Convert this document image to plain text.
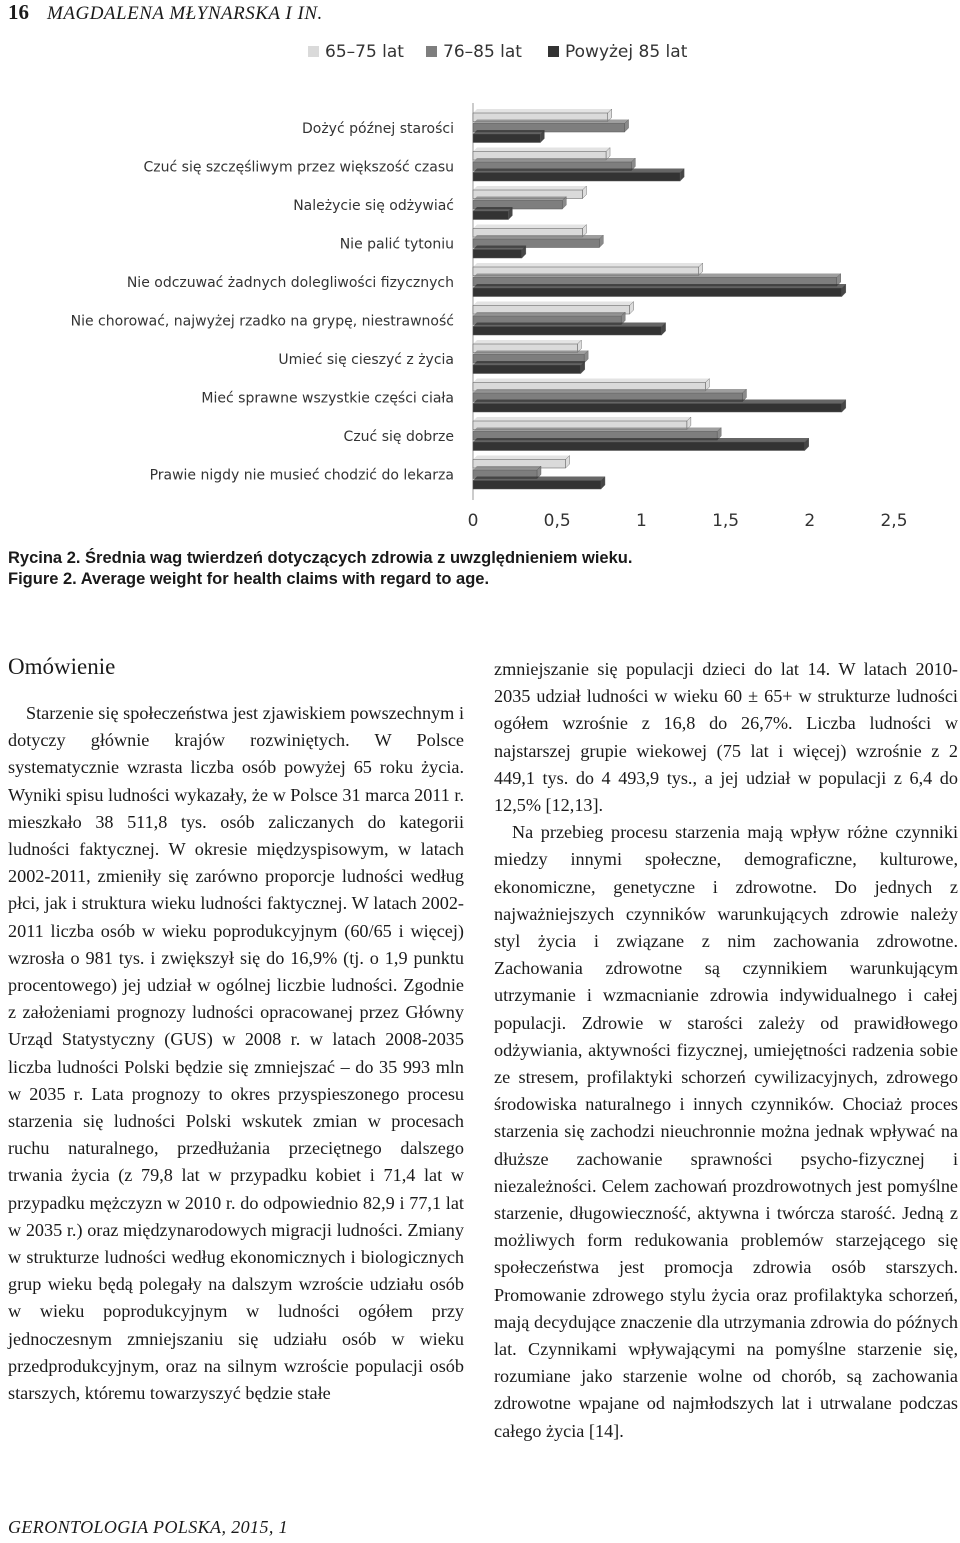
16 MAGDALENA MŁYNARSKA I IN.
65–75 lat 76–85 lat	Powyżej 85 lat
Dożyć późnej starości
Czuć się szczęśliwym przez większość czasu
Należycie się odżywiać
Nie palić tytoniu
Nie odczuwać żadnych dolegliwości fizycznych
Nie chorować, najwyżej rzadko na grypę, niestrawność
Umieć się cieszyć z życia
Mieć sprawne wszystkie części ciała
Czuć się dobrze
Prawie nigdy nie musieć chodzić do lekarza
0	0,5	1	1,5	2	2,5
Rycina 2. Średnia wag twierdzeń dotyczących zdrowia z uwzględnieniem wieku.
Figure 2. Average weight for health claims with regard to age.
Omówienie

Starzenie się społeczeństwa jest zjawiskiem powszechnym i dotyczy głównie krajów rozwiniętych. W Polsce systematycznie wzrasta liczba osób powyżej 65 roku życia. Wyniki spisu ludności wykazały, że w Polsce 31 marca 2011 r. mieszkało 38 511,8 tys. osób zaliczanych do kategorii ludności faktycznej. W okresie międzyspisowym, w latach 2002-2011, zmieniły się zarówno proporcje ludności według płci, jak i struktura wieku ludności faktycznej. W latach 2002-2011 liczba osób w wieku poprodukcyjnym (60/65 i więcej) wzrosła o 981 tys. i zwiększył się do 16,9% (tj. o 1,9 punktu procentowego) jej udział w ogólnej liczbie ludności. Zgodnie z założeniami prognozy ludności opracowanej przez Główny Urząd Statystyczny (GUS) w 2008 r. w latach 2008-2035 liczba ludności Polski będzie się zmniejszać – do 35 993 mln w 2035 r. Lata prognozy to okres przyspieszonego procesu starzenia się ludności Polski wskutek zmian w procesach ruchu naturalnego, przedłużania przeciętnego dalszego trwania życia (z 79,8 lat w przypadku kobiet i 71,4 lat w przypadku mężczyzn w 2010 r. do odpowiednio 82,9 i 77,1 lat w 2035 r.) oraz międzynarodowych migracji ludności. Zmiany w strukturze ludności według ekonomicznych i biologicznych grup wieku będą polegały na dalszym wzroście udziału osób w wieku poprodukcyjnym w ludności ogółem przy jednoczesnym zmniejszaniu się udziału osób w wieku przedprodukcyjnym, oraz na silnym wzroście populacji osób starszych, któremu towarzyszyć będzie stałe

zmniejszanie się populacji dzieci do lat 14. W latach 2010-2035 udział ludności w wieku 60 ± 65+ w strukturze ludności ogółem wzrośnie z 16,8 do 26,7%. Liczba ludności w najstarszej grupie wiekowej (75 lat i więcej) wzrośnie z 2 449,1 tys. do 4 493,9 tys., a jej udział w populacji z 6,4 do 12,5% [12,13].

Na przebieg procesu starzenia mają wpływ różne czynniki miedzy innymi społeczne, demograficzne, kulturowe, ekonomiczne, genetyczne i zdrowotne. Do jednych z najważniejszych czynników warunkujących zdrowie należy styl życia i związane z nim zachowania zdrowotne. Zachowania zdrowotne są czynnikiem warunkującym utrzymanie i wzmacnianie zdrowia indywidualnego i całej populacji. Zdrowie w starości zależy od prawidłowego odżywiania, aktywności fizycznej, umiejętności radzenia sobie ze stresem, profilaktyki schorzeń cywilizacyjnych, zdrowego środowiska naturalnego i innych czynników. Chociaż proces starzenia się zachodzi nieuchronnie można jednak wpływać na dłuższe zachowanie sprawności psycho-fizycznej i niezależności. Celem zachowań prozdrowotnych jest pomyślne starzenie, długowieczność, aktywna i twórcza starość. Jedną z możliwych form redukowania problemów starzejącego się społeczeństwa jest promocja zdrowia osób starszych. Promowanie zdrowego stylu życia oraz profilaktyka schorzeń, mają decydujące znaczenie dla utrzymania zdrowia do późnych lat. Czynnikami wpływającymi na pomyślne starzenie się, rozumiane jako starzenie wolne od chorób, są zachowania zdrowotne wpajane od najmłodszych lat i utrwalane podczas całego życia [14].

GERONTOLOGIA POLSKA, 2015, 1
